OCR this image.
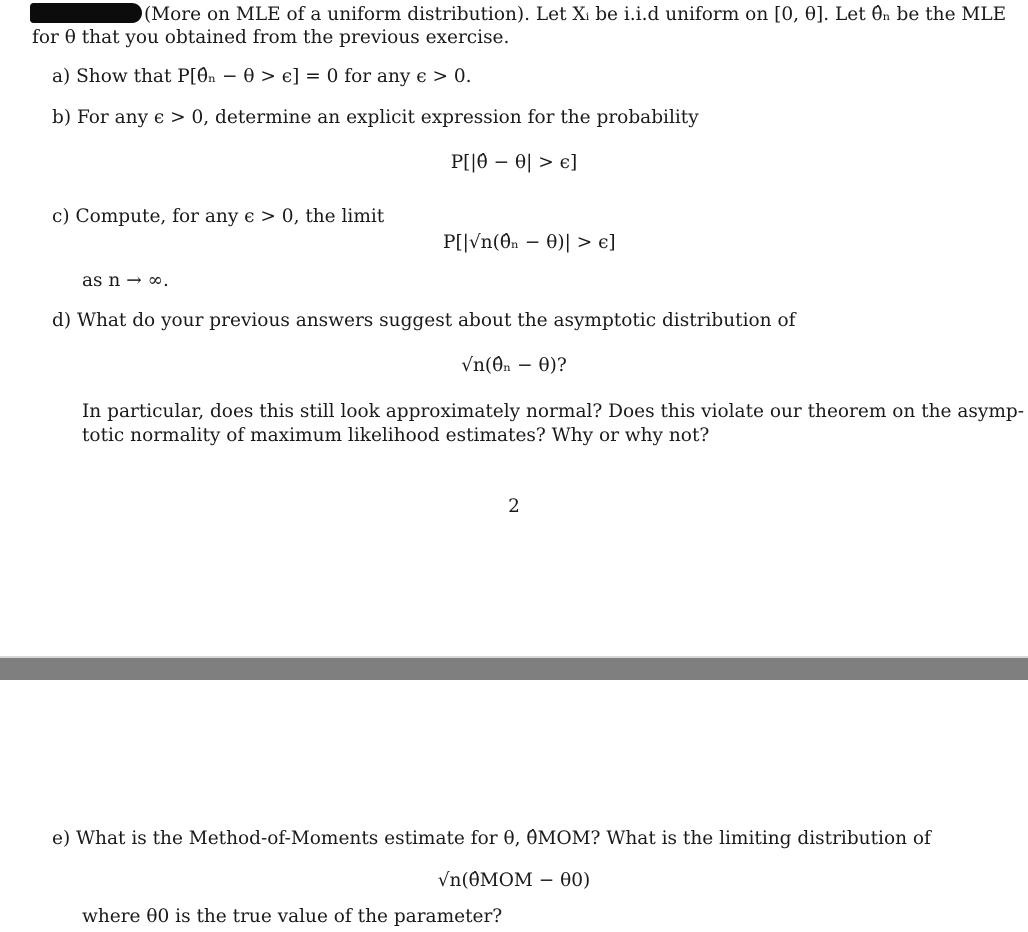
(More on MLE of a uniform distribution). Let Xᵢ be i.i.d uniform on [0, θ]. Let θ̂ₙ be the MLE
for θ that you obtained from the previous exercise.
a) Show that P[θ̂ₙ − θ > ϵ] = 0 for any ϵ > 0.
b) For any ϵ > 0, determine an explicit expression for the probability
P[|θ̂ − θ| > ϵ]
c) Compute, for any ϵ > 0, the limit
P[|√n(θ̂ₙ − θ)| > ϵ]
as n → ∞.
d) What do your previous answers suggest about the asymptotic distribution of
√n(θ̂ₙ − θ)?
In particular, does this still look approximately normal? Does this violate our theorem on the asymp-
totic normality of maximum likelihood estimates? Why or why not?
2
e) What is the Method-of-Moments estimate for θ, θ̂MOM? What is the limiting distribution of
√n(θ̂MOM − θ0)
where θ0 is the true value of the parameter?
